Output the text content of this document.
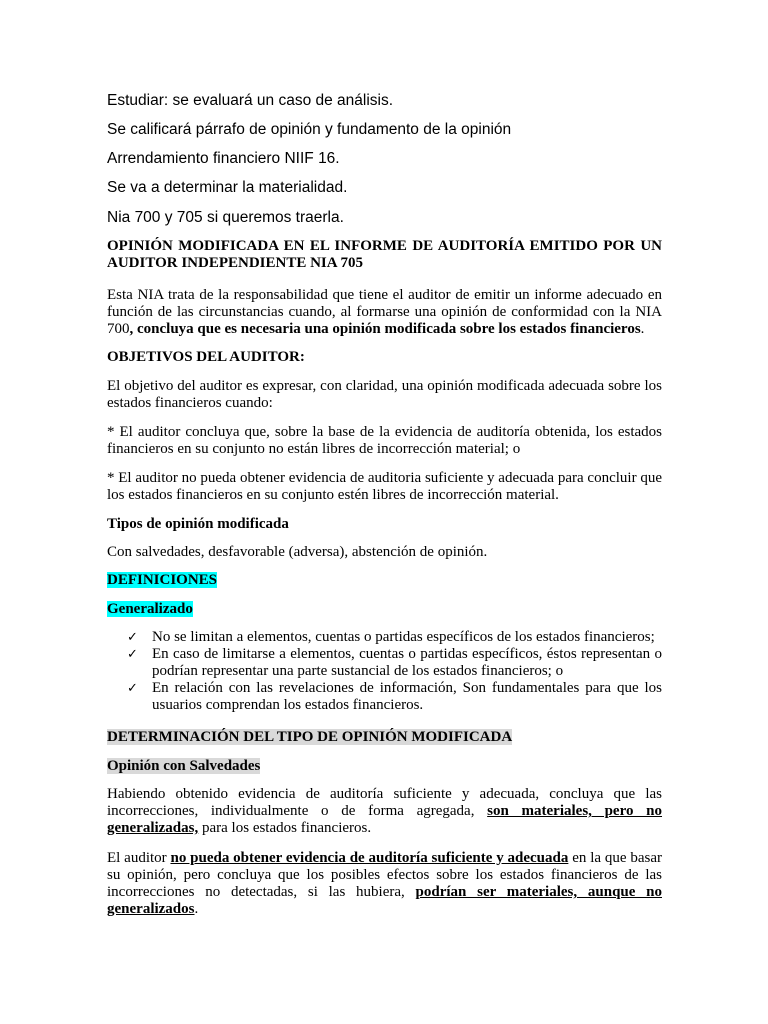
Estudiar: se evaluará un caso de análisis.
Se calificará párrafo de opinión y fundamento de la opinión
Arrendamiento financiero NIIF 16.
Se va a determinar la materialidad.
Nia 700 y 705 si queremos traerla.
OPINIÓN MODIFICADA EN EL INFORME DE AUDITORÍA EMITIDO POR UN AUDITOR INDEPENDIENTE NIA 705
Esta NIA trata de la responsabilidad que tiene el auditor de emitir un informe adecuado en función de las circunstancias cuando, al formarse una opinión de conformidad con la NIA 700, concluya que es necesaria una opinión modificada sobre los estados financieros.
OBJETIVOS DEL AUDITOR:
El objetivo del auditor es expresar, con claridad, una opinión modificada adecuada sobre los estados financieros cuando:
* El auditor concluya que, sobre la base de la evidencia de auditoría obtenida, los estados financieros en su conjunto no están libres de incorrección material; o
* El auditor no pueda obtener evidencia de auditoria suficiente y adecuada para concluir que los estados financieros en su conjunto estén libres de incorrección material.
Tipos de opinión modificada
Con salvedades, desfavorable (adversa), abstención de opinión.
DEFINICIONES
Generalizado
✓ No se limitan a elementos, cuentas o partidas específicos de los estados financieros;
✓ En caso de limitarse a elementos, cuentas o partidas específicos, éstos representan o podrían representar una parte sustancial de los estados financieros; o
✓ En relación con las revelaciones de información, Son fundamentales para que los usuarios comprendan los estados financieros.
DETERMINACIÓN DEL TIPO DE OPINIÓN MODIFICADA
Opinión con Salvedades
Habiendo obtenido evidencia de auditoría suficiente y adecuada, concluya que las incorrecciones, individualmente o de forma agregada, son materiales, pero no generalizadas, para los estados financieros.
El auditor no pueda obtener evidencia de auditoría suficiente y adecuada en la que basar su opinión, pero concluya que los posibles efectos sobre los estados financieros de las incorrecciones no detectadas, si las hubiera, podrían ser materiales, aunque no generalizados.
